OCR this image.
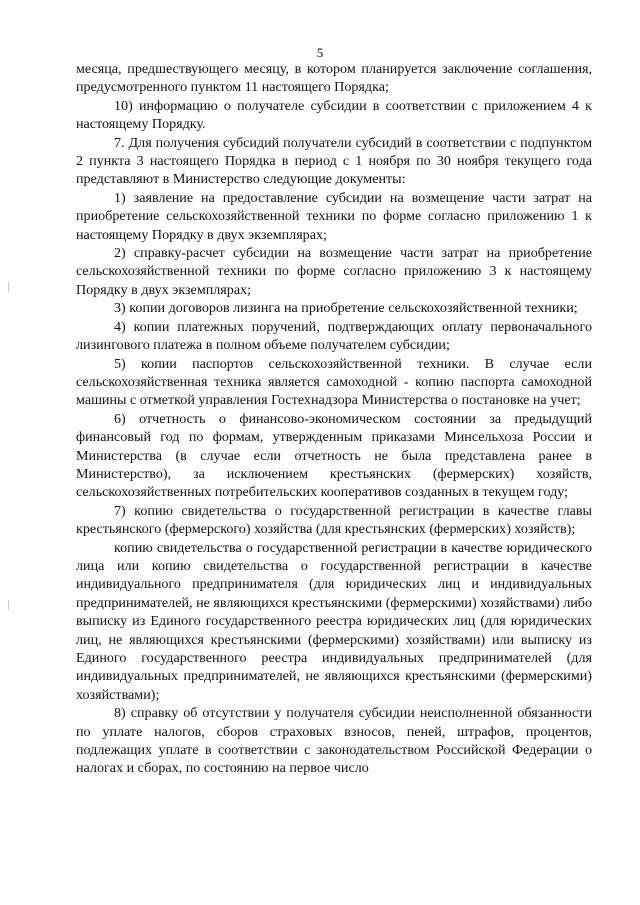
5

месяца, предшествующего месяцу, в котором планируется заключение соглашения, предусмотренного пунктом 11 настоящего Порядка;

10) информацию о получателе субсидии в соответствии с приложением 4 к настоящему Порядку.

7. Для получения субсидий получатели субсидий в соответствии с подпунктом 2 пункта 3 настоящего Порядка в период с 1 ноября по 30 ноября текущего года представляют в Министерство следующие документы:

1) заявление на предоставление субсидии на возмещение части затрат на приобретение сельскохозяйственной техники по форме согласно приложению 1 к настоящему Порядку в двух экземплярах;

2) справку-расчет субсидии на возмещение части затрат на приобретение сельскохозяйственной техники по форме согласно приложению 3 к настоящему Порядку в двух экземплярах;

3) копии договоров лизинга на приобретение сельскохозяйственной техники;

4) копии платежных поручений, подтверждающих оплату первоначального лизингового платежа в полном объеме получателем субсидии;

5) копии паспортов сельскохозяйственной техники. В случае если сельскохозяйственная техника является самоходной - копию паспорта самоходной машины с отметкой управления Гостехнадзора Министерства о постановке на учет;

6) отчетность о финансово-экономическом состоянии за предыдущий финансовый год по формам, утвержденным приказами Минсельхоза России и Министерства (в случае если отчетность не была представлена ранее в Министерство), за исключением крестьянских (фермерских) хозяйств, сельскохозяйственных потребительских кооперативов созданных в текущем году;

7) копию свидетельства о государственной регистрации в качестве главы крестьянского (фермерского) хозяйства (для крестьянских (фермерских) хозяйств);

копию свидетельства о государственной регистрации в качестве юридического лица или копию свидетельства о государственной регистрации в качестве индивидуального предпринимателя (для юридических лиц и индивидуальных предпринимателей, не являющихся крестьянскими (фермерскими) хозяйствами) либо выписку из Единого государственного реестра юридических лиц (для юридических лиц, не являющихся крестьянскими (фермерскими) хозяйствами) или выписку из Единого государственного реестра индивидуальных предпринимателей (для индивидуальных предпринимателей, не являющихся крестьянскими (фермерскими) хозяйствами);

8) справку об отсутствии у получателя субсидии неисполненной обязанности по уплате налогов, сборов страховых взносов, пеней, штрафов, процентов, подлежащих уплате в соответствии с законодательством Российской Федерации о налогах и сборах, по состоянию на первое число
